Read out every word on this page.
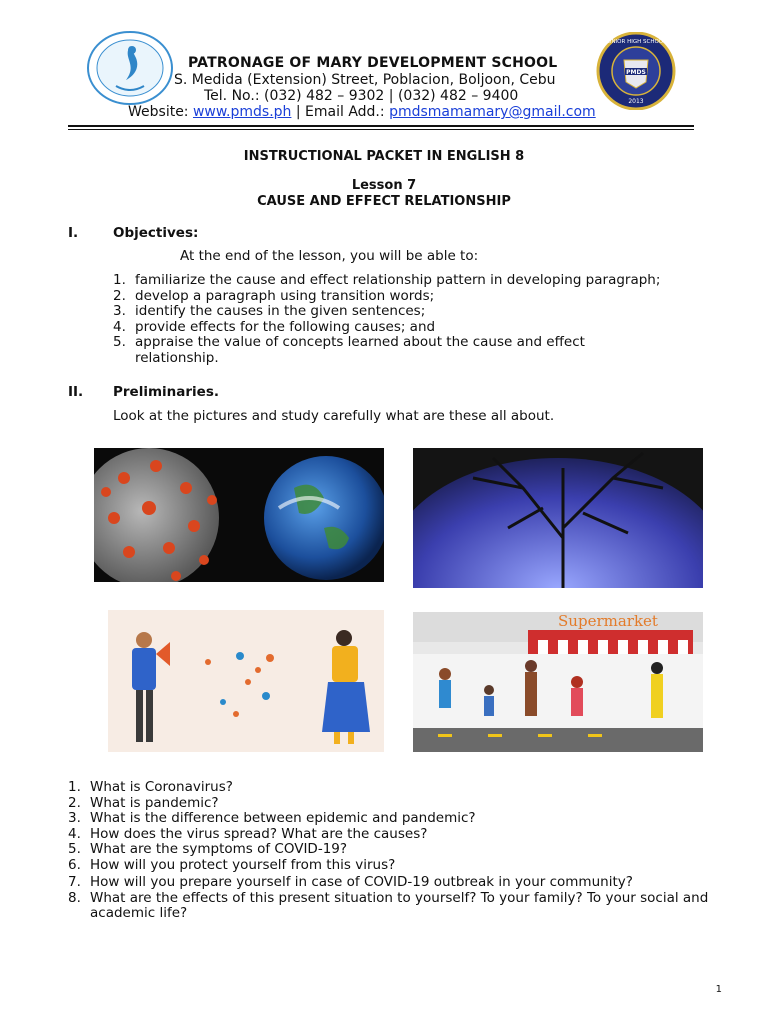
PMDS
2013
JUNIOR HIGH SCHOOL
PATRONAGE OF MARY DEVELOPMENT SCHOOL
S. Medida (Extension) Street, Poblacion, Boljoon, Cebu
Tel. No.: (032) 482 – 9302 | (032) 482 – 9400
Website: www.pmds.ph | Email Add.: pmdsmamamary@gmail.com
INSTRUCTIONAL PACKET IN ENGLISH 8
Lesson 7
CAUSE AND EFFECT RELATIONSHIP
I.	Objectives:
At the end of the lesson, you will be able to:
1. familiarize the cause and effect relationship pattern in developing paragraph;
2. develop a paragraph using transition words;
3. identify the causes in the given sentences;
4. provide effects for the following causes; and
5. appraise the value of concepts learned about the cause and effect relationship.
II. Preliminaries.
Look at the pictures and study carefully what are these all about.
Supermarket
1. What is Coronavirus?
2. What is pandemic?
3. What is the difference between epidemic and pandemic?
4. How does the virus spread? What are the causes?
5. What are the symptoms of COVID-19?
6. How will you protect yourself from this virus?
7. How will you prepare yourself in case of COVID-19 outbreak in your community?
8. What are the effects of this present situation to yourself? To your family? To your social and academic life?
1
